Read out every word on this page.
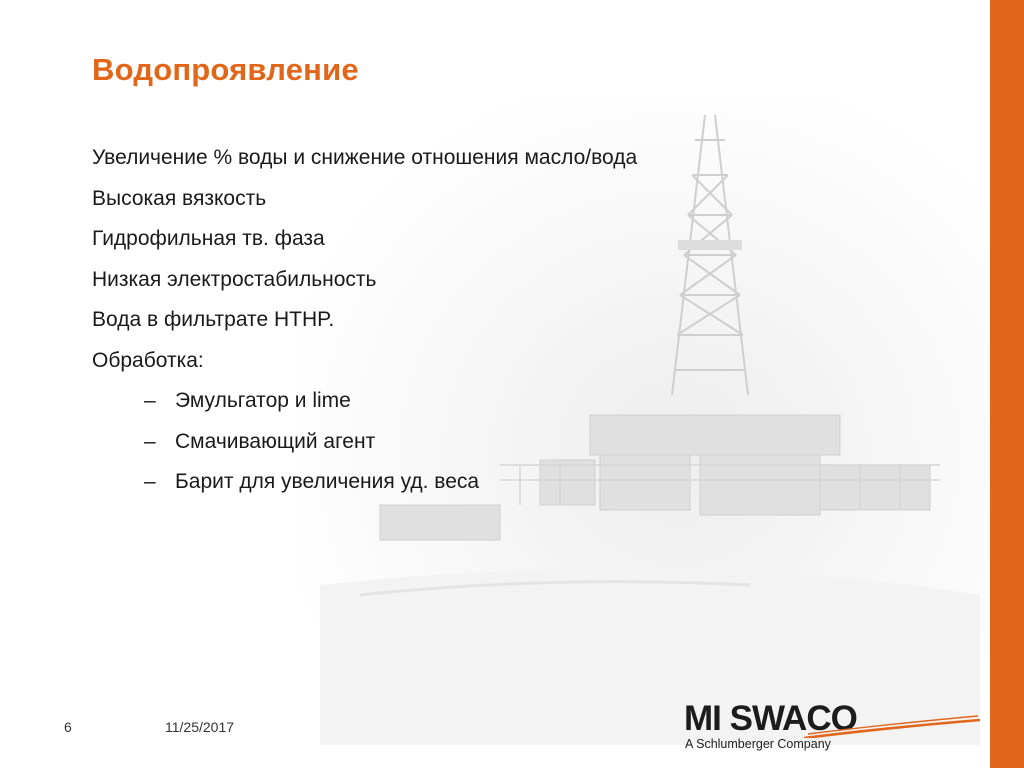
Водопроявление
Увеличение % воды и снижение отношения масло/вода
Высокая вязкость
Гидрофильная тв. фаза
Низкая электростабильность
Вода в фильтрате HTHP.
Обработка:
– Эмульгатор и lime
– Смачивающий агент
– Барит для увеличения уд. веса
6	11/25/2017	MI SWACO
A Schlumberger Company
